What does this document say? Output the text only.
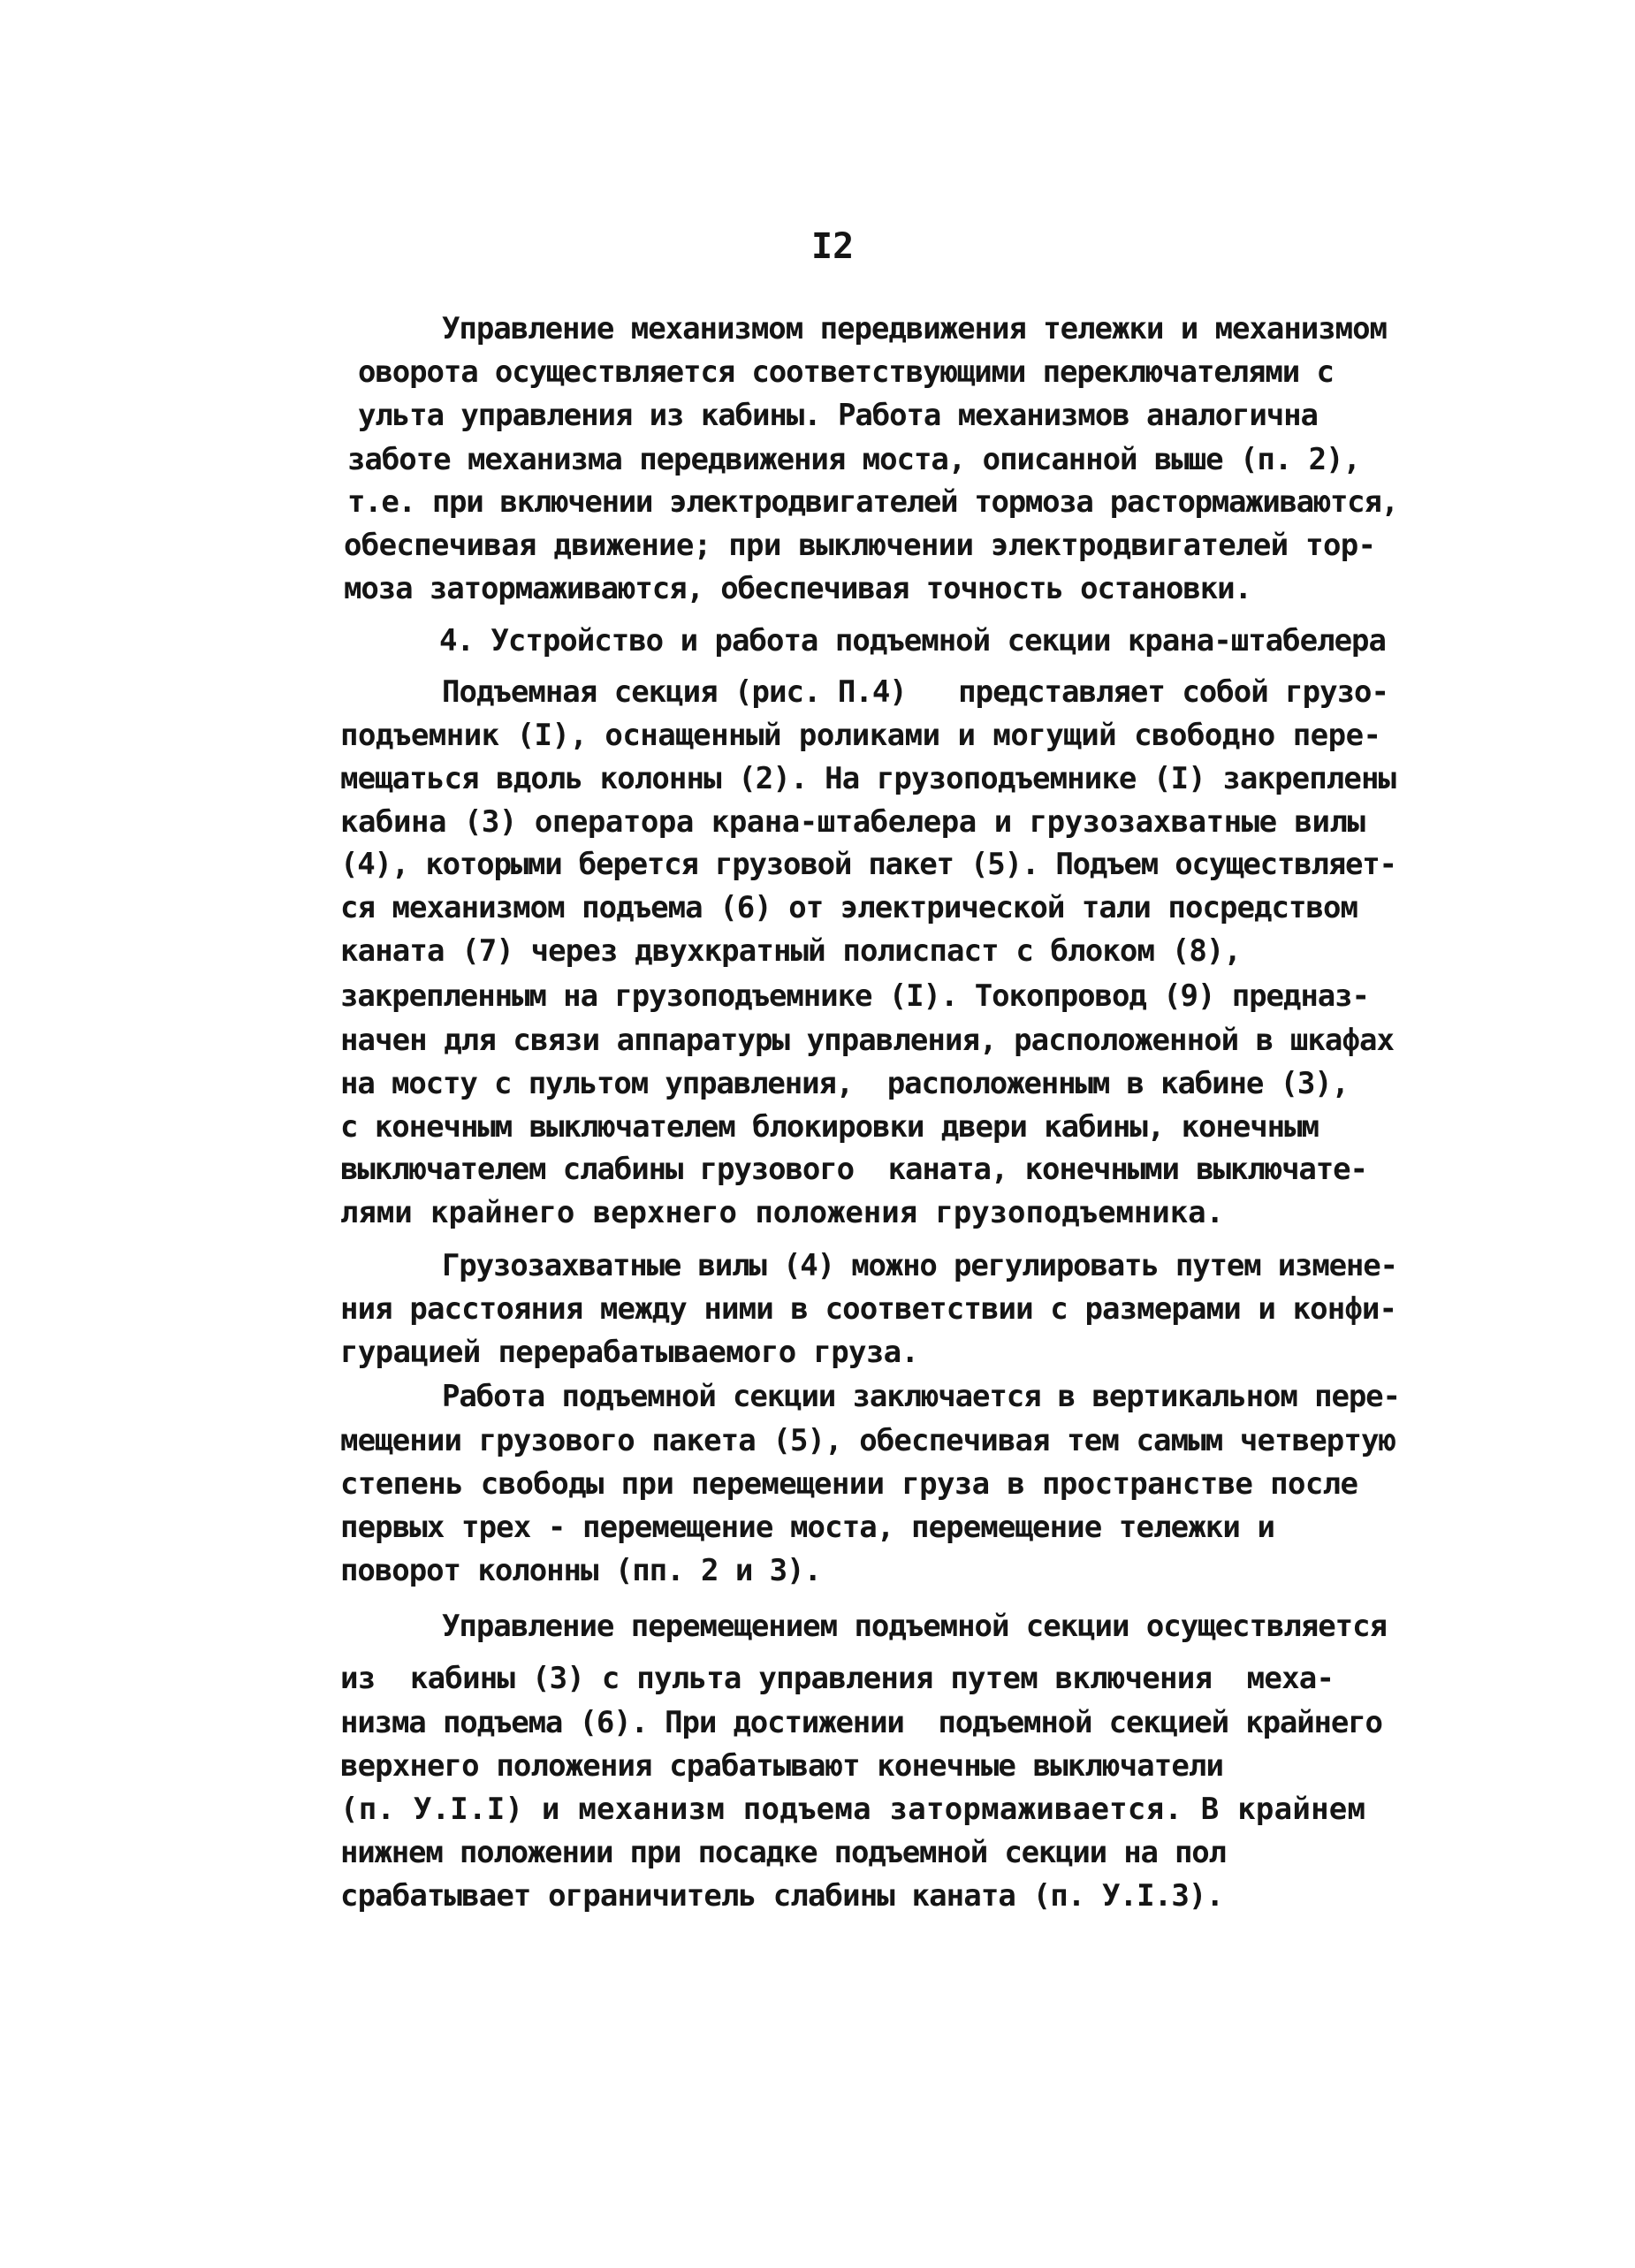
I2
Управление механизмом передвижения тележки и механизмом
оворота осуществляется соответствующими переключателями с
ульта управления из кабины. Работа механизмов аналогична
заботе механизма передвижения моста, описанной выше (п. 2),
т.е. при включении электродвигателей тормоза растормаживаются,
обеспечивая движение; при выключении электродвигателей тор-
моза затормаживаются, обеспечивая точность остановки.
4. Устройство и работа подъемной секции крана-штабелера
Подъемная секция (рис. П.4)   представляет собой грузо-
подъемник (I), оснащенный роликами и могущий свободно пере-
мещаться вдоль колонны (2). На грузоподъемнике (I) закреплены
кабина (3) оператора крана-штабелера и грузозахватные вилы
(4), которыми берется грузовой пакет (5). Подъем осуществляет-
ся механизмом подъема (6) от электрической тали посредством
каната (7) через двухкратный полиспаст с блоком (8),
закрепленным на грузоподъемнике (I). Токопровод (9) предназ-
начен для связи аппаратуры управления, расположенной в шкафах
на мосту с пультом управления,  расположенным в кабине (3),
с конечным выключателем блокировки двери кабины, конечным
выключателем слабины грузового  каната, конечными выключате-
лями крайнего верхнего положения грузоподъемника.
Грузозахватные вилы (4) можно регулировать путем измене-
ния расстояния между ними в соответствии с размерами и конфи-
гурацией перерабатываемого груза.
Работа подъемной секции заключается в вертикальном пере-
мещении грузового пакета (5), обеспечивая тем самым четвертую
степень свободы при перемещении груза в пространстве после
первых трех - перемещение моста, перемещение тележки и
поворот колонны (пп. 2 и 3).
Управление перемещением подъемной секции осуществляется
из  кабины (3) с пульта управления путем включения  меха-
низма подъема (6). При достижении  подъемной секцией крайнего
верхнего положения срабатывают конечные выключатели
(п. У.I.I) и механизм подъема затормаживается. В крайнем
нижнем положении при посадке подъемной секции на пол
срабатывает ограничитель слабины каната (п. У.I.3).
